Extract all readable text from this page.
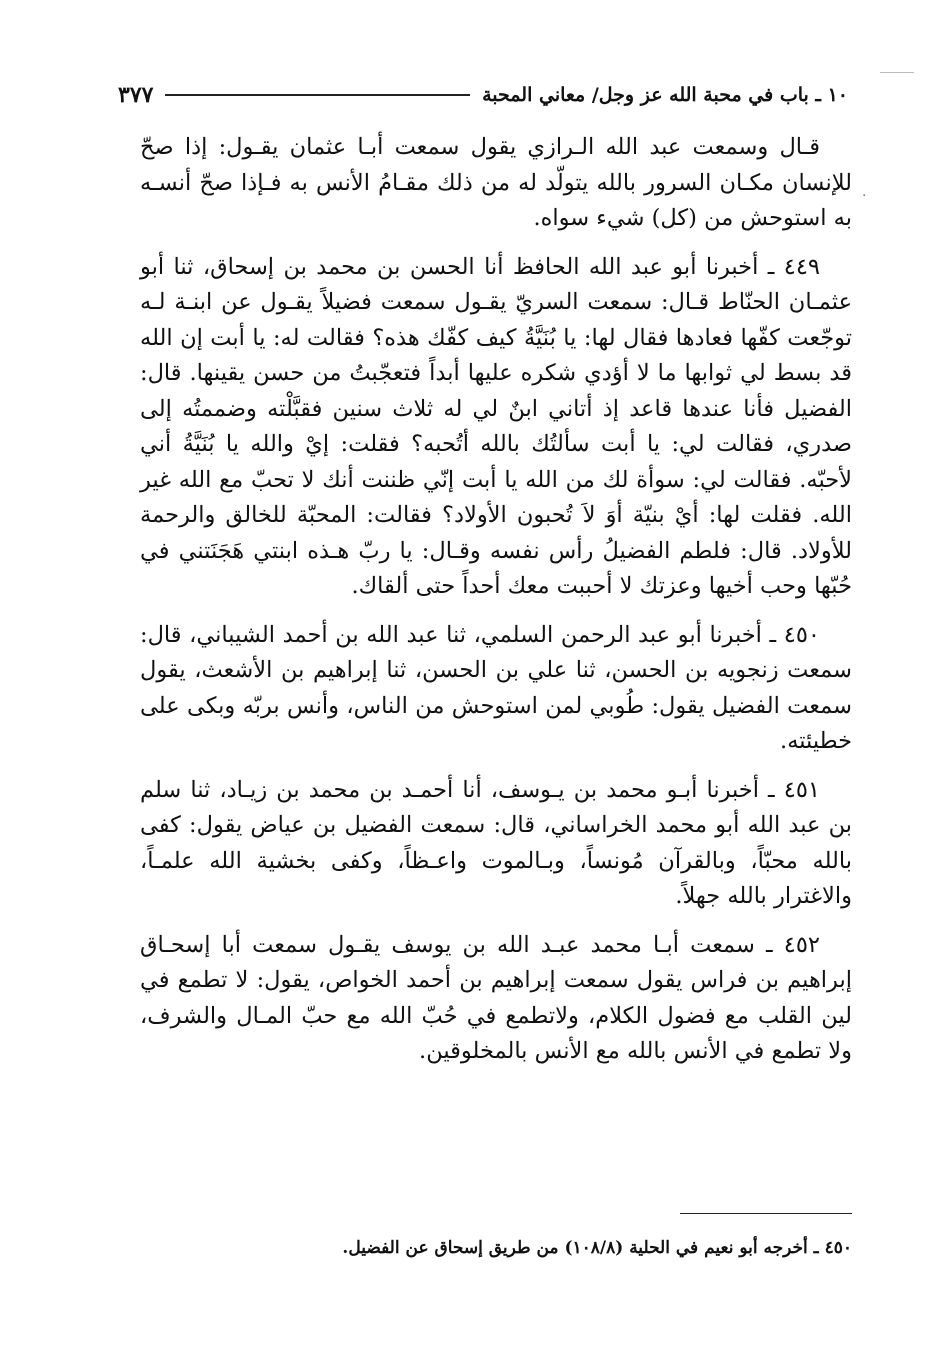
١٠ ـ باب في محبة الله عز وجل/ معاني المحبة
٣٧٧
·

قـال وسمعت عبد الله الـرازي يقول سمعت أبـا عثمان يقـول: إذا صحّ للإنسان مكـان السرور بالله يتولّد له من ذلك مقـامُ الأنس به فـإذا صحّ أنسـه به استوحش من (كل) شيء سواه.

٤٤٩ ـ أخبرنا أبو عبد الله الحافظ أنا الحسن بن محمد بن إسحاق، ثنا أبو عثمـان الحنّاط قـال: سمعت السريّ يقـول سمعت فضيلاً يقـول عن ابنـة لـه توجّعت كفّها فعادها فقال لها: يا بُنَيَّةُ كيف كفّك هذه؟ فقالت له: يا أبت إن الله قد بسط لي ثوابها ما لا أؤدي شكره عليها أبداً فتعجّبتُ من حسن يقينها. قال: الفضيل فأنا عندها قاعد إذ أتاني ابنٌ لي له ثلاث سنين فقبَّلْته وضممتُه إلى صدري، فقالت لي: يا أبت سألتُك بالله أتُحبه؟ فقلت: إيْ والله يا بُنَيَّةُ أني لأحبّه. فقالت لي: سوأة لك من الله يا أبت إنّي ظننت أنك لا تحبّ مع الله غير الله. فقلت لها: أيْ بنيّة أوَ لاَ تُحبون الأولاد؟ فقالت: المحبّة للخالق والرحمة للأولاد. قال: فلطم الفضيلُ رأس نفسه وقـال: يا ربّ هـذه ابنتي هَجَنَتني في حُبّها وحب أخيها وعزتك لا أحببت معك أحداً حتى ألقاك.

٤٥٠ ـ أخبرنا أبو عبد الرحمن السلمي، ثنا عبد الله بن أحمد الشيباني، قال: سمعت زنجويه بن الحسن، ثنا علي بن الحسن، ثنا إبراهيم بن الأشعث، يقول سمعت الفضيل يقول: طُوبي لمن استوحش من الناس، وأنس بربّه وبكى على خطيئته.

٤٥١ ـ أخبرنا أبـو محمد بن يـوسف، أنا أحمـد بن محمد بن زيـاد، ثنا سلم بن عبد الله أبو محمد الخراساني، قال: سمعت الفضيل بن عياض يقول: كفى بالله محبّاً، وبالقرآن مُونساً، وبـالموت واعـظاً، وكفى بخشية الله علمـاً، والاغترار بالله جهلاً.

٤٥٢ ـ سمعت أبـا محمد عبـد الله بن يوسف يقـول سمعت أبا إسحـاق إبراهيم بن فراس يقول سمعت إبراهيم بن أحمد الخواص، يقول: لا تطمع في لين القلب مع فضول الكلام، ولاتطمع في حُبّ الله مع حبّ المـال والشرف، ولا تطمع في الأنس بالله مع الأنس بالمخلوقين.

٤٥٠ ـ أخرجه أبو نعيم في الحلية (١٠٨/٨) من طريق إسحاق عن الفضيل.
